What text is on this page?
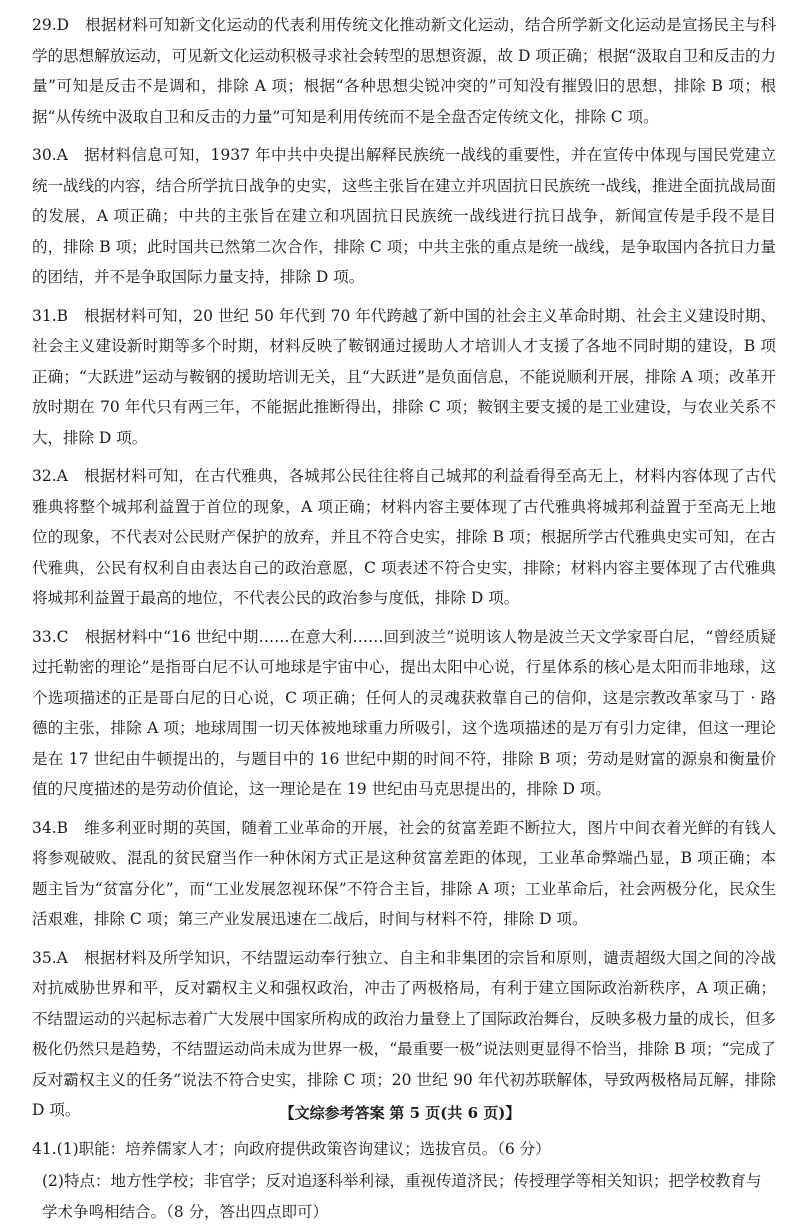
29.D 根据材料可知新文化运动的代表利用传统文化推动新文化运动，结合所学新文化运动是宣扬民主与科学的思想解放运动，可见新文化运动积极寻求社会转型的思想资源，故 D 项正确；根据“汲取自卫和反击的力量”可知是反击不是调和，排除 A 项；根据“各种思想尖锐冲突的”可知没有摧毁旧的思想，排除 B 项；根据“从传统中汲取自卫和反击的力量”可知是利用传统而不是全盘否定传统文化，排除 C 项。

30.A 据材料信息可知，1937 年中共中央提出解释民族统一战线的重要性，并在宣传中体现与国民党建立统一战线的内容，结合所学抗日战争的史实，这些主张旨在建立并巩固抗日民族统一战线，推进全面抗战局面的发展，A 项正确；中共的主张旨在建立和巩固抗日民族统一战线进行抗日战争，新闻宣传是手段不是目的，排除 B 项；此时国共已然第二次合作，排除 C 项；中共主张的重点是统一战线，是争取国内各抗日力量的团结，并不是争取国际力量支持，排除 D 项。

31.B 根据材料可知，20 世纪 50 年代到 70 年代跨越了新中国的社会主义革命时期、社会主义建设时期、社会主义建设新时期等多个时期，材料反映了鞍钢通过援助人才培训人才支援了各地不同时期的建设，B 项正确；“大跃进”运动与鞍钢的援助培训无关，且“大跃进”是负面信息，不能说顺利开展，排除 A 项；改革开放时期在 70 年代只有两三年，不能据此推断得出，排除 C 项；鞍钢主要支援的是工业建设，与农业关系不大，排除 D 项。

32.A 根据材料可知，在古代雅典，各城邦公民往往将自己城邦的利益看得至高无上，材料内容体现了古代雅典将整个城邦利益置于首位的现象，A 项正确；材料内容主要体现了古代雅典将城邦利益置于至高无上地位的现象，不代表对公民财产保护的放弃，并且不符合史实，排除 B 项；根据所学古代雅典史实可知，在古代雅典，公民有权利自由表达自己的政治意愿，C 项表述不符合史实，排除；材料内容主要体现了古代雅典将城邦利益置于最高的地位，不代表公民的政治参与度低，排除 D 项。

33.C 根据材料中“16 世纪中期……在意大利……回到波兰”说明该人物是波兰天文学家哥白尼，“曾经质疑过托勒密的理论”是指哥白尼不认可地球是宇宙中心，提出太阳中心说，行星体系的核心是太阳而非地球，这个选项描述的正是哥白尼的日心说，C 项正确；任何人的灵魂获救靠自己的信仰，这是宗教改革家马丁 · 路德的主张，排除 A 项；地球周围一切天体被地球重力所吸引，这个选项描述的是万有引力定律，但这一理论是在 17 世纪由牛顿提出的，与题目中的 16 世纪中期的时间不符，排除 B 项；劳动是财富的源泉和衡量价值的尺度描述的是劳动价值论，这一理论是在 19 世纪由马克思提出的，排除 D 项。

34.B 维多利亚时期的英国，随着工业革命的开展，社会的贫富差距不断拉大，图片中间衣着光鲜的有钱人将参观破败、混乱的贫民窟当作一种休闲方式正是这种贫富差距的体现，工业革命弊端凸显，B 项正确；本题主旨为“贫富分化”，而“工业发展忽视环保”不符合主旨，排除 A 项；工业革命后，社会两极分化，民众生活艰难，排除 C 项；第三产业发展迅速在二战后，时间与材料不符，排除 D 项。

35.A 根据材料及所学知识，不结盟运动奉行独立、自主和非集团的宗旨和原则，谴责超级大国之间的冷战对抗威胁世界和平，反对霸权主义和强权政治，冲击了两极格局，有利于建立国际政治新秩序，A 项正确；不结盟运动的兴起标志着广大发展中国家所构成的政治力量登上了国际政治舞台，反映多极力量的成长，但多极化仍然只是趋势，不结盟运动尚未成为世界一极，“最重要一极”说法则更显得不恰当，排除 B 项；“完成了反对霸权主义的任务”说法不符合史实，排除 C 项；20 世纪 90 年代初苏联解体，导致两极格局瓦解，排除 D 项。

41.(1)职能：培养儒家人才；向政府提供政策咨询建议；选拔官员。（6 分）

(2)特点：地方性学校；非官学；反对追逐科举利禄，重视传道济民；传授理学等相关知识；把学校教育与学术争鸣相结合。（8 分，答出四点即可）

【文综参考答案 第 5 页(共 6 页)】
